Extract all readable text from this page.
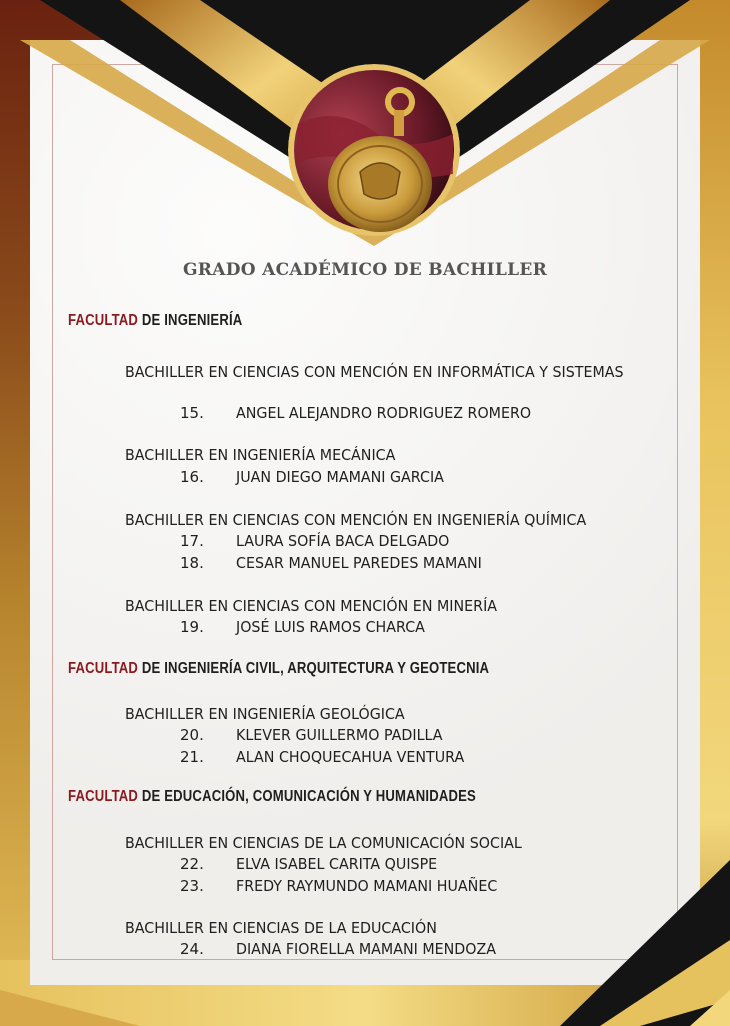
GRADO ACADÉMICO DE BACHILLER
FACULTAD DE INGENIERÍA
BACHILLER EN CIENCIAS CON MENCIÓN EN INFORMÁTICA Y SISTEMAS
15. ANGEL ALEJANDRO RODRIGUEZ ROMERO
BACHILLER EN INGENIERÍA MECÁNICA
16. JUAN DIEGO MAMANI GARCIA
BACHILLER EN CIENCIAS CON MENCIÓN EN INGENIERÍA QUÍMICA
17. LAURA SOFÍA BACA DELGADO
18. CESAR MANUEL PAREDES MAMANI
BACHILLER EN CIENCIAS CON MENCIÓN EN MINERÍA
19. JOSÉ LUIS RAMOS CHARCA
FACULTAD DE INGENIERÍA CIVIL, ARQUITECTURA Y GEOTECNIA
BACHILLER EN INGENIERÍA GEOLÓGICA
20. KLEVER GUILLERMO PADILLA
21. ALAN CHOQUECAHUA VENTURA
FACULTAD DE EDUCACIÓN, COMUNICACIÓN Y HUMANIDADES
BACHILLER EN CIENCIAS DE LA COMUNICACIÓN SOCIAL
22. ELVA ISABEL CARITA QUISPE
23. FREDY RAYMUNDO MAMANI HUAÑEC
BACHILLER EN CIENCIAS DE LA EDUCACIÓN
24. DIANA FIORELLA MAMANI MENDOZA
